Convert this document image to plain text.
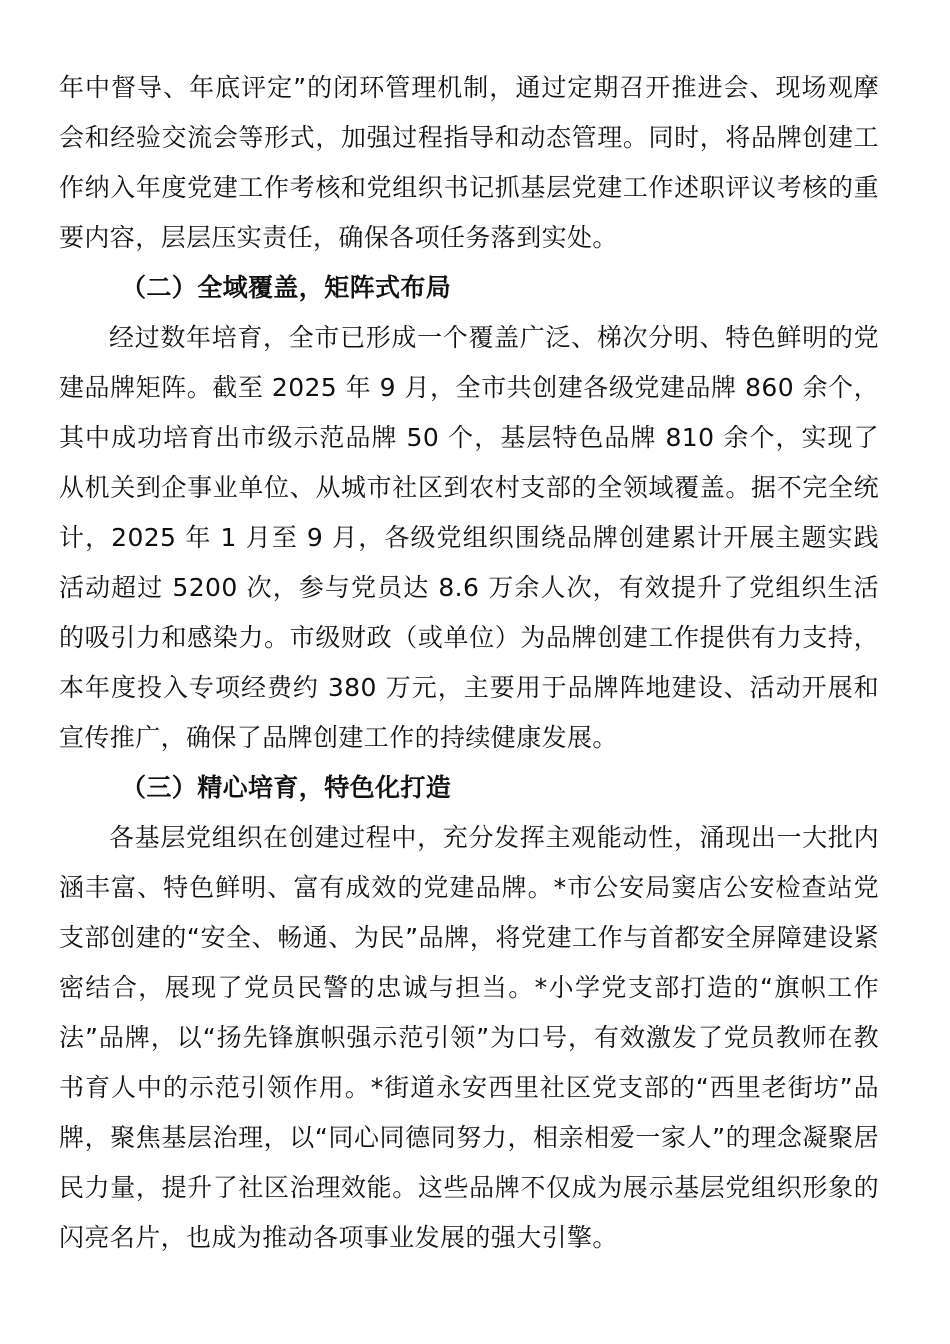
年中督导、年底评定”的闭环管理机制，通过定期召开推进会、现场观摩会和经验交流会等形式，加强过程指导和动态管理。同时，将品牌创建工作纳入年度党建工作考核和党组织书记抓基层党建工作述职评议考核的重要内容，层层压实责任，确保各项任务落到实处。

（二）全域覆盖，矩阵式布局

经过数年培育，全市已形成一个覆盖广泛、梯次分明、特色鲜明的党建品牌矩阵。截至 2025 年 9 月，全市共创建各级党建品牌 860 余个，其中成功培育出市级示范品牌 50 个，基层特色品牌 810 余个，实现了从机关到企事业单位、从城市社区到农村支部的全领域覆盖。据不完全统计，2025 年 1 月至 9 月，各级党组织围绕品牌创建累计开展主题实践活动超过 5200 次，参与党员达 8.6 万余人次，有效提升了党组织生活的吸引力和感染力。市级财政（或单位）为品牌创建工作提供有力支持，本年度投入专项经费约 380 万元，主要用于品牌阵地建设、活动开展和宣传推广，确保了品牌创建工作的持续健康发展。

（三）精心培育，特色化打造

各基层党组织在创建过程中，充分发挥主观能动性，涌现出一大批内涵丰富、特色鲜明、富有成效的党建品牌。*市公安局窦店公安检查站党支部创建的“安全、畅通、为民”品牌，将党建工作与首都安全屏障建设紧密结合，展现了党员民警的忠诚与担当。*小学党支部打造的“旗帜工作法”品牌，以“扬先锋旗帜强示范引领”为口号，有效激发了党员教师在教书育人中的示范引领作用。*街道永安西里社区党支部的“西里老街坊”品牌，聚焦基层治理，以“同心同德同努力，相亲相爱一家人”的理念凝聚居民力量，提升了社区治理效能。这些品牌不仅成为展示基层党组织形象的闪亮名片，也成为推动各项事业发展的强大引擎。
